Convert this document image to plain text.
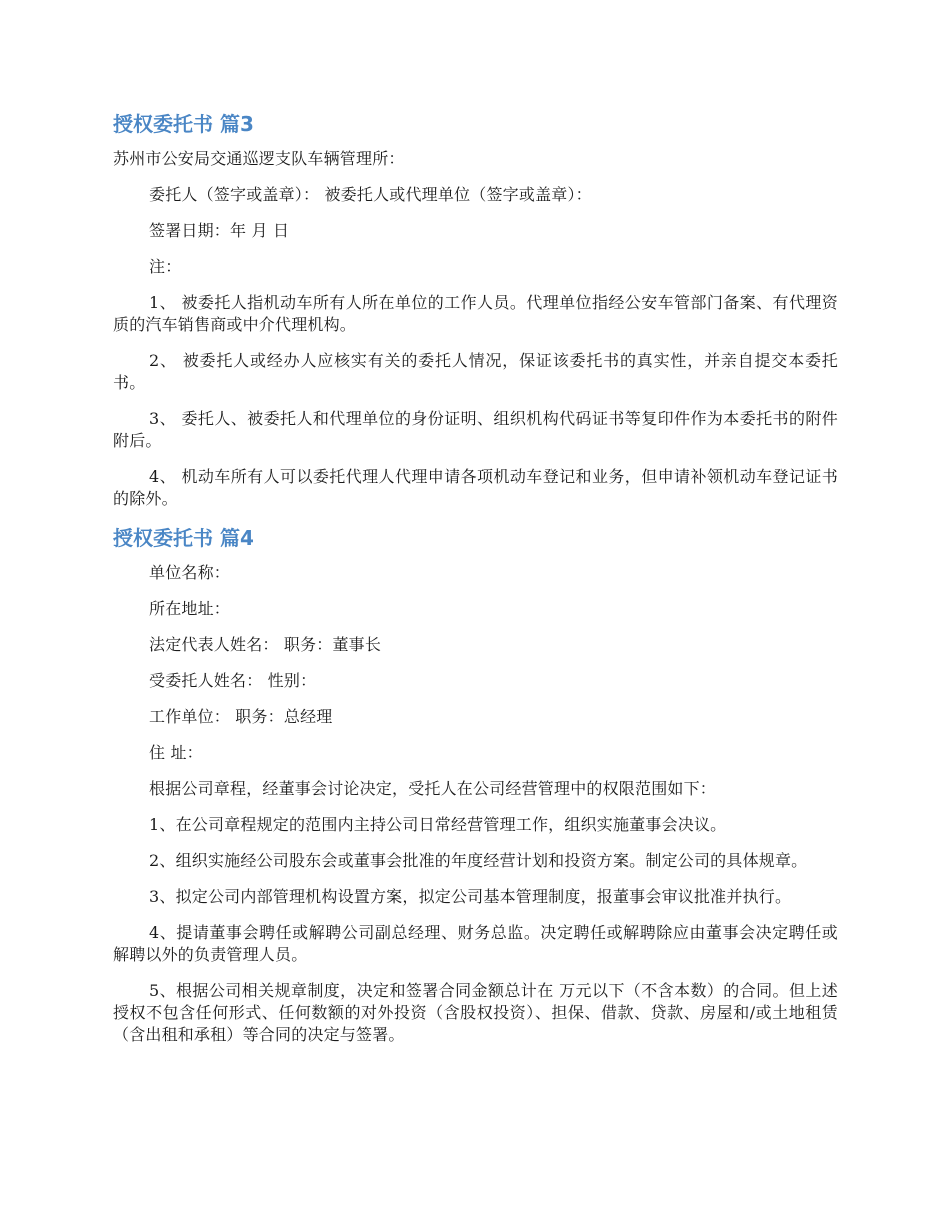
授权委托书 篇3

苏州市公安局交通巡逻支队车辆管理所：

委托人（签字或盖章）： 被委托人或代理单位（签字或盖章）：

签署日期：年 月 日

注：

1、 被委托人指机动车所有人所在单位的工作人员。代理单位指经公安车管部门备案、有代理资质的汽车销售商或中介代理机构。

2、 被委托人或经办人应核实有关的委托人情况，保证该委托书的真实性，并亲自提交本委托书。

3、 委托人、被委托人和代理单位的身份证明、组织机构代码证书等复印件作为本委托书的附件附后。

4、 机动车所有人可以委托代理人代理申请各项机动车登记和业务，但申请补领机动车登记证书的除外。

授权委托书 篇4

单位名称：

所在地址：

法定代表人姓名： 职务：董事长

受委托人姓名： 性别：

工作单位： 职务：总经理

住 址：

根据公司章程，经董事会讨论决定，受托人在公司经营管理中的权限范围如下：

1、在公司章程规定的范围内主持公司日常经营管理工作，组织实施董事会决议。

2、组织实施经公司股东会或董事会批准的年度经营计划和投资方案。制定公司的具体规章。

3、拟定公司内部管理机构设置方案，拟定公司基本管理制度，报董事会审议批准并执行。

4、提请董事会聘任或解聘公司副总经理、财务总监。决定聘任或解聘除应由董事会决定聘任或解聘以外的负责管理人员。

5、根据公司相关规章制度，决定和签署合同金额总计在 万元以下（不含本数）的合同。但上述授权不包含任何形式、任何数额的对外投资（含股权投资）、担保、借款、贷款、房屋和/或土地租赁（含出租和承租）等合同的决定与签署。
